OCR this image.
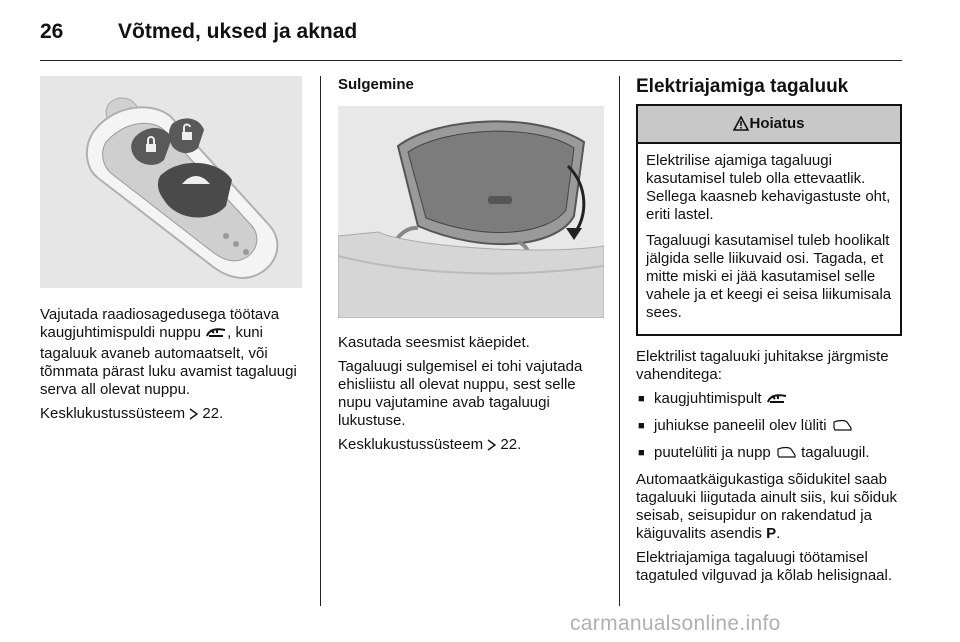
26	Võtmed, uksed ja aknad

Vajutada raadiosagedusega töötava kaugjuhtimispuldi nuppu , kuni tagaluuk avaneb automaatselt, või tõmmata pärast luku avamist tagaluugi serva all olevat nuppu.

Kesklukustussüsteem  22.

Sulgemine

Kasutada seesmist käepidet.

Tagaluugi sulgemisel ei tohi vajutada ehisliistu all olevat nuppu, sest selle nupu vajutamine avab tagaluugi lukustuse.

Kesklukustussüsteem  22.

Elektriajamiga tagaluuk

Hoiatus

Elektrilise ajamiga tagaluugi kasutamisel tuleb olla ettevaatlik. Sellega kaasneb kehavigastuste oht, eriti lastel.

Tagaluugi kasutamisel tuleb hoolikalt jälgida selle liikuvaid osi. Tagada, et mitte miski ei jää kasutamisel selle vahele ja et keegi ei seisa liikumisala sees.

Elektrilist tagaluuki juhitakse järgmiste vahenditega:

■ kaugjuhtimispult
■ juhiukse paneelil olev lüliti
■ puutelüliti ja nupp  tagaluugil.

Automaatkäigukastiga sõidukitel saab tagaluuki liigutada ainult siis, kui sõiduk seisab, seisupidur on rakendatud ja käiguvalits asendis P.

Elektriajamiga tagaluugi töötamisel tagatuled vilguvad ja kõlab helisignaal.

carmanualsonline.info
